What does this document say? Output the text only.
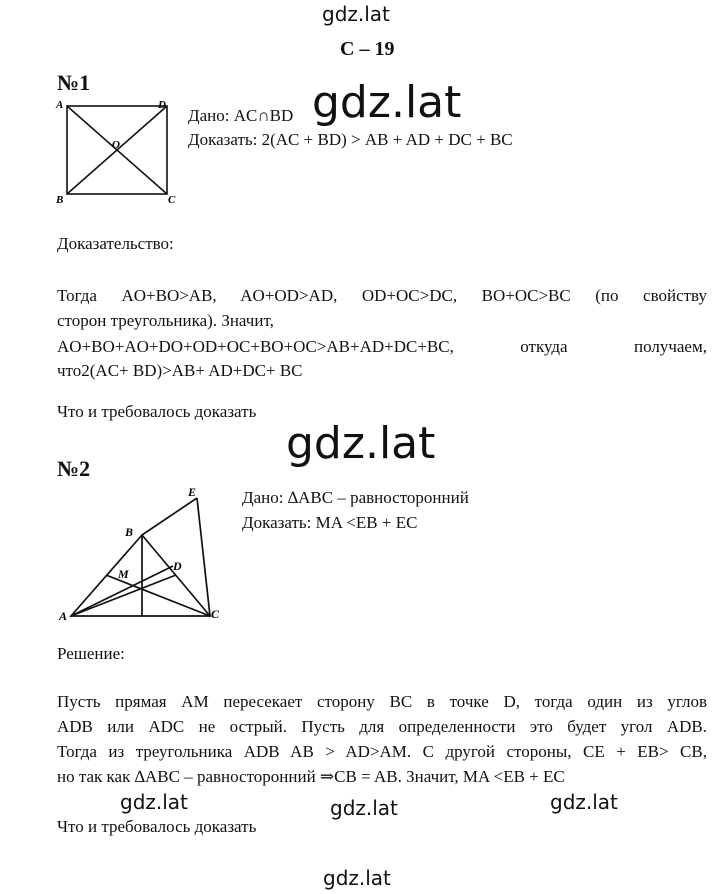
gdz.lat
gdz.lat
gdz.lat
gdz.lat	gdz.lat	gdz.lat
gdz.lat
С – 19
№1
A	D
O
B	C
Дано: AC∩BD
Доказать: 2(AC + BD) > AB + AD + DC + BC
Доказательство:
Тогда AO+BO>AB, AO+OD>AD, OD+OC>DC, BO+OC>BC (по свойству
сторон треугольника). Значит,
AO+BO+AO+DO+OD+OC+BO+OC>AB+AD+DC+BC, откуда получаем,
что2(AC+ BD)>AB+ AD+DC+ BC
Что и требовалось доказать
№2
B
E
D
M
A	C
Дано: ∆ABC – равносторонний
Доказать: MA <EB + EC
Решение:
Пусть прямая AM пересекает сторону BC в точке D, тогда один из углов
ADB или ADC не острый. Пусть для определенности это будет угол ADB.
Тогда из треугольника ADB AB > AD>AM. С другой стороны, CE + EB> CB,
но так как ∆ABC – равносторонний ⇒CB = AB. Значит, MA <EB + EC
Что и требовалось доказать
